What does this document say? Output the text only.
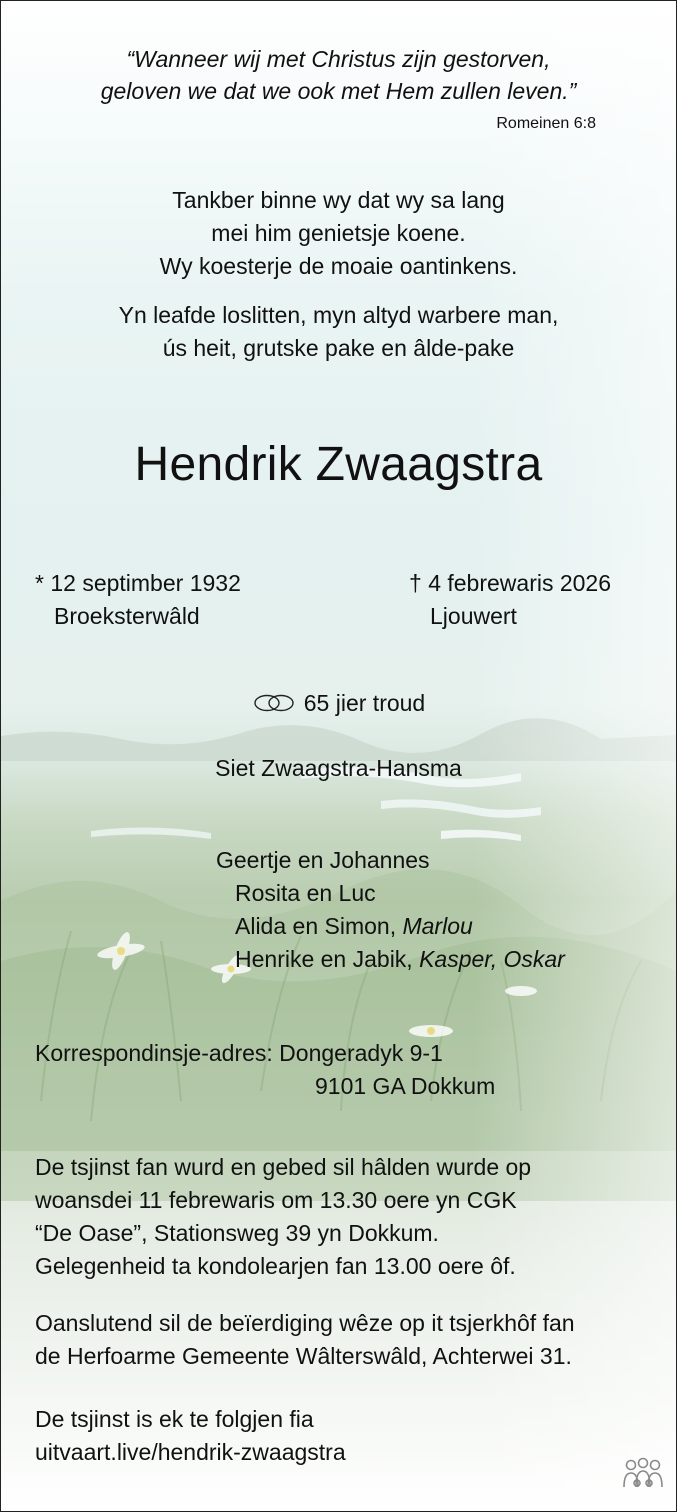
“Wanneer wij met Christus zijn gestorven,
geloven we dat we ook met Hem zullen leven.”
Romeinen 6:8
Tankber binne wy dat wy sa lang
mei him genietsje koene.
Wy koesterje de moaie oantinkens.
Yn leafde loslitten, myn altyd warbere man,
ús heit, grutske pake en âlde-pake
Hendrik Zwaagstra
* 12 septimber 1932
Broeksterwâld
† 4 febrewaris 2026
Ljouwert
65 jier troud
Siet Zwaagstra-Hansma
Geertje en Johannes
Rosita en Luc
Alida en Simon, Marlou
Henrike en Jabik, Kasper, Oskar
Korrespondinsje-adres: Dongeradyk 9-1
9101 GA Dokkum
De tsjinst fan wurd en gebed sil hâlden wurde op
woansdei 11 febrewaris om 13.30 oere yn CGK
“De Oase”, Stationsweg 39 yn Dokkum.
Gelegenheid ta kondolearjen fan 13.00 oere ôf.
Oanslutend sil de beïerdiging wêze op it tsjerkhôf fan
de Herfoarme Gemeente Wâlterswâld, Achterwei 31.
De tsjinst is ek te folgjen fia
uitvaart.live/hendrik-zwaagstra
